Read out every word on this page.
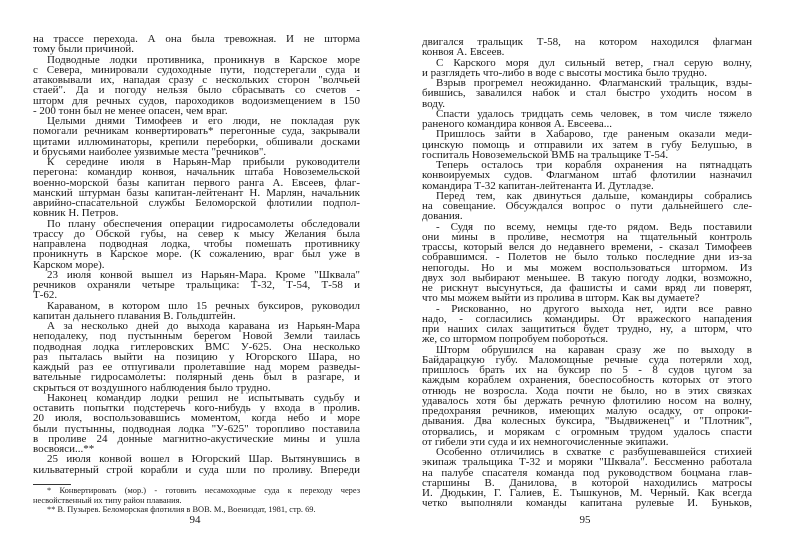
на трассе перехода. А она была тревожная. И не шторма
тому были причиной.
Подводные лодки противника, проникнув в Карское море
с Севера, минировали судоходные пути, подстерегали суда и
атаковывали их, нападая сразу с нескольких сторон "волчьей
стаей". Да и погоду нельзя было сбрасывать со счетов -
шторм для речных судов, пароходиков водоизмещением в 150
- 200 тонн был не менее опасен, чем враг.
Целыми днями Тимофеев и его люди, не покладая рук
помогали речникам конвертировать* перегонные суда, закрывали
щитами иллюминаторы, крепили переборки, обшивали досками
и брусьями наиболее уязвимые места "речников".
К середине июля в Нарьян-Мар прибыли руководители
перегона: командир конвоя, начальник штаба Новоземельской
военно-морской базы капитан первого ранга А. Евсеев, флаг-
манский штурман базы капитан-лейтенант Н. Марлян, начальник
аврийно-спасательной службы Беломорской флотилии подпол-
ковник Н. Петров.
По плану обеспечения операции гидросамолеты обследовали
трассу до Обской губы, на север к мысу Желания была
направлена подводная лодка, чтобы помешать противнику
проникнуть в Карское море. (К сожалению, враг был уже в
Карском море).
23 июля конвой вышел из Нарьян-Мара. Кроме "Шквала"
речников охраняли четыре тральщика: Т-32, Т-54, Т-58 и
Т-62.
Караваном, в котором шло 15 речных буксиров, руководил
капитан дальнего плавания В. Гольдштейн.
А за несколько дней до выхода каравана из Нарьян-Мара
неподалеку, под пустынным берегом Новой Земли таилась
подводная лодка гитлеровских ВМС У-625. Она несколько
раз пыталась выйти на позицию у Югорского Шара, но
каждый раз ее отпугивали пролетавшие над морем разведы-
вательные гидросамолеты: полярный день был в разгаре, и
скрыться от воздушного наблюдения было трудно.
Наконец командир лодки решил не испытывать судьбу и
оставить попытки подстеречь кого-нибудь у входа в пролив.
20 июля, воспользовавшись моментом, когда небо и море
были пустынны, подводная лодка "У-625" торопливо поставила
в проливе 24 донные магнитно-акустические мины и ушла
восвояси...**
25 июля конвой вошел в Югорский Шар. Вытянувшись в
кильватерный строй корабли и суда шли по проливу. Впереди
* Конвертировать (мор.) - готовить несамоходные суда к переходу через
несвойственный их типу район плавания.
** В. Пузырев. Беломорская флотилия в ВОВ. М., Воениздат, 1981, стр. 69.
94
двигался тральщик Т-58, на котором находился флагман
конвоя А. Евсеев.
С Карского моря дул сильный ветер, гнал серую волну,
и разглядеть что-либо в воде с высоты мостика было трудно.
Взрыв прогремел неожиданно. Флагманский тральщик, взды-
бившись, завалился набок и стал быстро уходить носом в
воду.
Спасти удалось тридцать семь человек, в том числе тяжело
раненого командира конвоя А. Евсеева...
Пришлось зайти в Хабарово, где раненым оказали меди-
цинскую помощь и отправили их затем в губу Белушью, в
госпиталь Новоземельской ВМБ на тральщике Т-54.
Теперь осталось три корабля охранения на пятнадцать
конвоируемых судов. Флагманом штаб флотилии назначил
командира Т-32 капитан-лейтенанта И. Дутладзе.
Перед тем, как двинуться дальше, командиры собрались
на совещание. Обсуждался вопрос о пути дальнейшего сле-
дования.
- Судя по всему, немцы где-то рядом. Ведь поставили
они мины в проливе, несмотря на тщательный контроль
трассы, который велся до недавнего времени, - сказал Тимофеев
собравшимся. - Полетов не было только последние дни из-за
непогоды. Но и мы можем воспользоваться штормом. Из
двух зол выбирают меньшее. В такую погоду лодки, возможно,
не рискнут высунуться, да фашисты и сами вряд ли поверят,
что мы можем выйти из пролива в шторм. Как вы думаете?
- Рискованно, но другого выхода нет, идти все равно
надо, - согласились командиры. От вражеского нападения
при наших силах защититься будет трудно, ну, а шторм, что
же, со штормом попробуем побороться.
Шторм обрушился на караван сразу же по выходу в
Байдарацкую губу. Маломощные речные суда потеряли ход,
пришлось брать их на буксир по 5 - 8 судов цугом за
каждым кораблем охранения, боеспособность которых от этого
отнюдь не возросла. Хода почти не было, но в этих связках
удавалось хотя бы держать речную флотилию носом на волну,
предохраняя речников, имеющих малую осадку, от опроки-
дывания. Два колесных буксира, "Выдвиженец" и "Плотник",
оторвались, и морякам с огромным трудом удалось спасти
от гибели эти суда и их немногочисленные экипажи.
Особенно отличились в схватке с разбушевавшейся стихией
экипаж тральщика Т-32 и моряки "Шквала". Бессменно работала
на палубе спасателя команда под руководством боцмана глав-
старшины В. Данилова, в которой находились матросы
И. Дюдькин, Г. Галиев, Е. Тышкунов, М. Черный. Как всегда
четко выполняли команды капитана рулевые И. Буньков,
95
